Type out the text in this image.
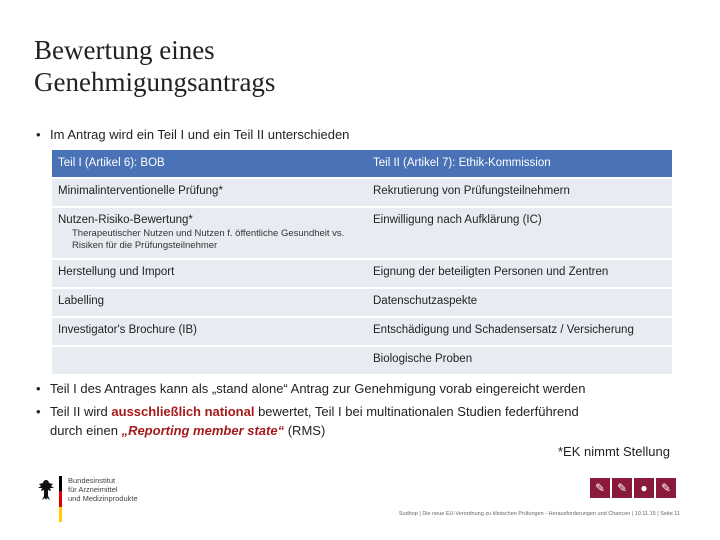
Bewertung eines
Genehmigungsantrags
• Im Antrag wird ein Teil I und ein Teil II unterschieden
Teil I (Artikel 6): BOB	Teil II (Artikel 7): Ethik-Kommission
Minimalinterventionelle Prüfung*	Rekrutierung von Prüfungsteilnehmern
Nutzen-Risiko-Bewertung*
Therapeutischer Nutzen und Nutzen f. öffentliche Gesundheit vs. Risiken für die Prüfungsteilnehmer	Einwilligung nach Aufklärung (IC)
Herstellung und Import	Eignung der beteiligten Personen und Zentren
Labelling	Datenschutzaspekte
Investigator's Brochure (IB)	Entschädigung und Schadensersatz / Versicherung
	Biologische Proben
• Teil I des Antrages kann als „stand alone“ Antrag zur Genehmigung vorab eingereicht werden
• Teil II wird ausschließlich national bewertet, Teil I bei multinationalen Studien federführend
durch einen „Reporting member state“ (RMS)
*EK nimmt Stellung
Bundesinstitut
für Arzneimittel
und Medizinprodukte
✎ ✎	●	✎
Sudhop | Die neue EU-Verordnung zu klinischen Prüfungen - Herausforderungen und Chancen | 10.11.15 | Seite 11
